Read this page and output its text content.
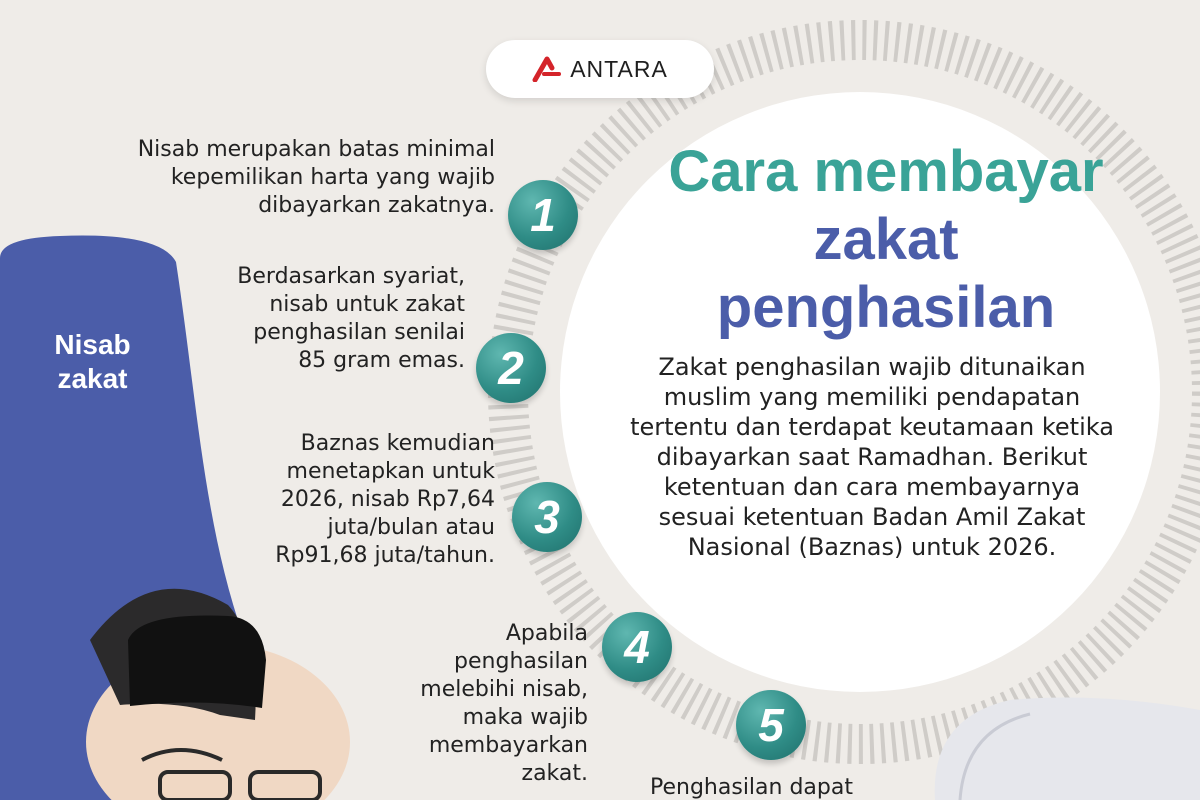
ANTARA
Cara membayar
zakat
penghasilan
Zakat penghasilan wajib ditunaikan muslim yang memiliki pendapatan tertentu dan terdapat keutamaan ketika dibayarkan saat Ramadhan. Berikut ketentuan dan cara membayarnya sesuai ketentuan Badan Amil Zakat Nasional (Baznas) untuk 2026.
Nisab zakat
Nisab merupakan batas minimal kepemilikan harta yang wajib dibayarkan zakatnya. 1
Berdasarkan syariat, nisab untuk zakat penghasilan senilai 85 gram emas. 2
Baznas kemudian menetapkan untuk 2026, nisab Rp7,64 juta/bulan atau Rp91,68 juta/tahun.
3
Apabila penghasilan melebihi nisab, maka wajib membayarkan zakat.
4
5
Penghasilan dapat
